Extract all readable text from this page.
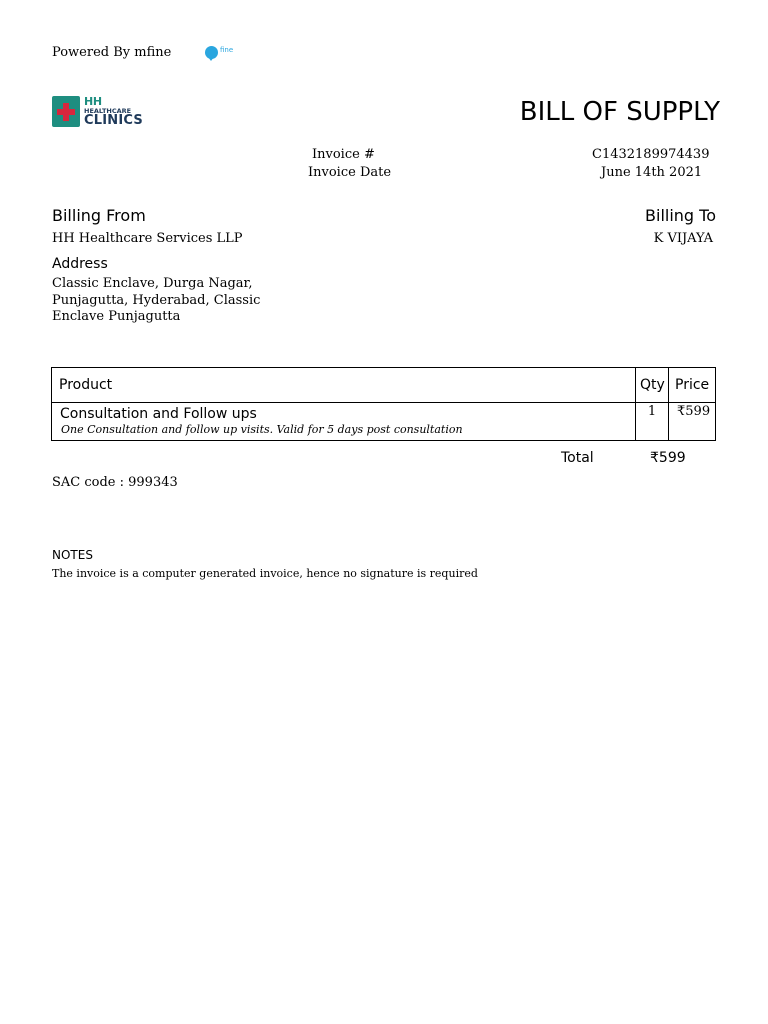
Powered By mfine	fine
HH
HEALTHCARE
CLINICS	BILL OF SUPPLY
Invoice #	C1432189974439
Invoice Date	June 14th 2021
Billing From	Billing To
HH Healthcare Services LLP	K VIJAYA
Address
Classic Enclave, Durga Nagar, Punjagutta, Hyderabad, Classic Enclave Punjagutta
Product	Qty	Price

Consultation and Follow ups
One Consultation and follow up visits. Valid for 5 days post consultation	1	₹599
Total	₹599
SAC code : 999343
NOTES
The invoice is a computer generated invoice, hence no signature is required
